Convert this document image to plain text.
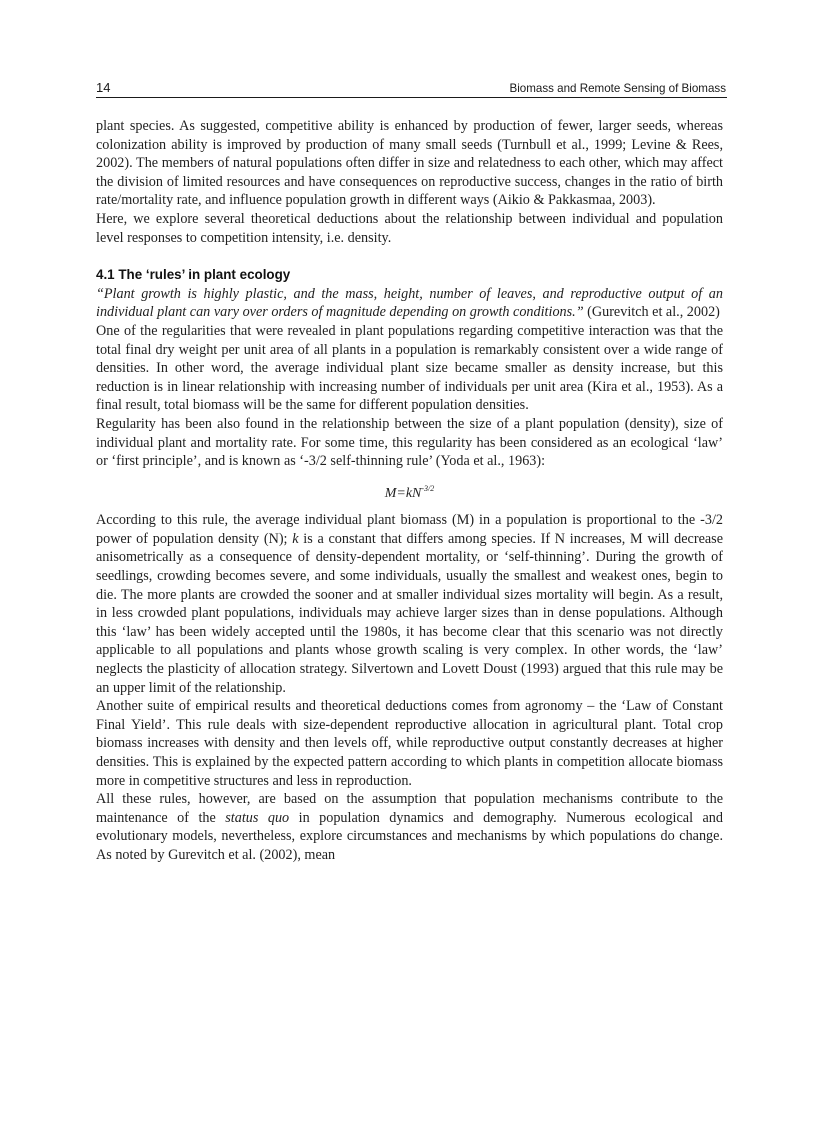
14	Biomass and Remote Sensing of Biomass

plant species. As suggested, competitive ability is enhanced by production of fewer, larger seeds, whereas colonization ability is improved by production of many small seeds (Turnbull et al., 1999; Levine & Rees, 2002). The members of natural populations often differ in size and relatedness to each other, which may affect the division of limited resources and have consequences on reproductive success, changes in the ratio of birth rate/mortality rate, and influence population growth in different ways (Aikio & Pakkasmaa, 2003).

Here, we explore several theoretical deductions about the relationship between individual and population level responses to competition intensity, i.e. density.

4.1 The ‘rules’ in plant ecology

“Plant growth is highly plastic, and the mass, height, number of leaves, and reproductive output of an individual plant can vary over orders of magnitude depending on growth conditions.” (Gurevitch et al., 2002)

One of the regularities that were revealed in plant populations regarding competitive interaction was that the total final dry weight per unit area of all plants in a population is remarkably consistent over a wide range of densities. In other word, the average individual plant size became smaller as density increase, but this reduction is in linear relationship with increasing number of individuals per unit area (Kira et al., 1953). As a final result, total biomass will be the same for different population densities.

Regularity has been also found in the relationship between the size of a plant population (density), size of individual plant and mortality rate. For some time, this regularity has been considered as an ecological ‘law’ or ‘first principle’, and is known as ‘-3/2 self-thinning rule’ (Yoda et al., 1963):

$M=kN^{-3/2}$

According to this rule, the average individual plant biomass (M) in a population is proportional to the -3/2 power of population density (N); k is a constant that differs among species. If N increases, M will decrease anisometrically as a consequence of density-dependent mortality, or ‘self-thinning’. During the growth of seedlings, crowding becomes severe, and some individuals, usually the smallest and weakest ones, begin to die. The more plants are crowded the sooner and at smaller individual sizes mortality will begin. As a result, in less crowded plant populations, individuals may achieve larger sizes than in dense populations. Although this ‘law’ has been widely accepted until the 1980s, it has become clear that this scenario was not directly applicable to all populations and plants whose growth scaling is very complex. In other words, the ‘law’ neglects the plasticity of allocation strategy. Silvertown and Lovett Doust (1993) argued that this rule may be an upper limit of the relationship.

Another suite of empirical results and theoretical deductions comes from agronomy – the ‘Law of Constant Final Yield’. This rule deals with size-dependent reproductive allocation in agricultural plant. Total crop biomass increases with density and then levels off, while reproductive output constantly decreases at higher densities. This is explained by the expected pattern according to which plants in competition allocate biomass more in competitive structures and less in reproduction.

All these rules, however, are based on the assumption that population mechanisms contribute to the maintenance of the status quo in population dynamics and demography. Numerous ecological and evolutionary models, nevertheless, explore circumstances and mechanisms by which populations do change. As noted by Gurevitch et al. (2002), mean
